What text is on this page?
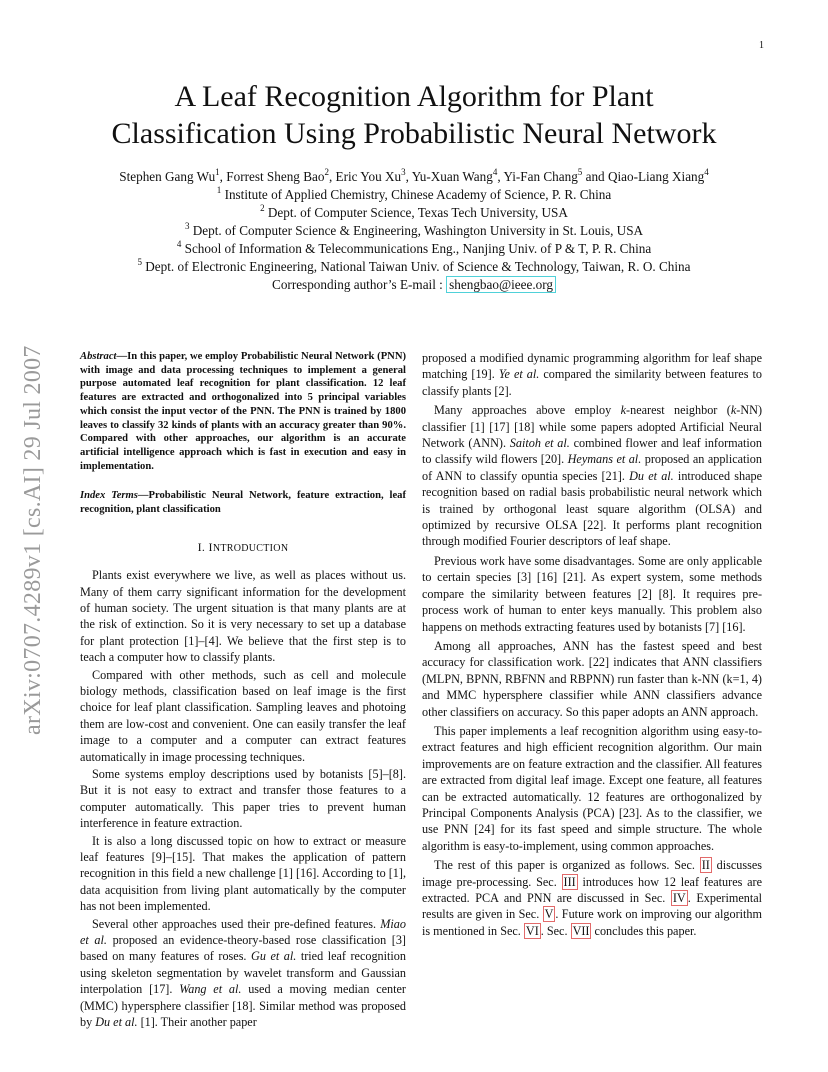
1
arXiv:0707.4289v1 [cs.AI] 29 Jul 2007
A Leaf Recognition Algorithm for Plant
Classification Using Probabilistic Neural Network
Stephen Gang Wu$^1$, Forrest Sheng Bao$^2$, Eric You Xu$^3$, Yu-Xuan Wang$^4$, Yi-Fan Chang$^5$ and Qiao-Liang Xiang$^4$
$^1$ Institute of Applied Chemistry, Chinese Academy of Science, P. R. China
$^2$ Dept. of Computer Science, Texas Tech University, USA
$^3$ Dept. of Computer Science & Engineering, Washington University in St. Louis, USA
$^4$ School of Information & Telecommunications Eng., Nanjing Univ. of P & T, P. R. China
$^5$ Dept. of Electronic Engineering, National Taiwan Univ. of Science & Technology, Taiwan, R. O. China
Corresponding author’s E-mail : shengbao@ieee.org
Abstract—In this paper, we employ Probabilistic Neural Network (PNN) with image and data processing techniques to implement a general purpose automated leaf recognition for plant classification. 12 leaf features are extracted and orthogonalized into 5 principal variables which consist the input vector of the PNN. The PNN is trained by 1800 leaves to classify 32 kinds of plants with an accuracy greater than 90%. Compared with other approaches, our algorithm is an accurate artificial intelligence approach which is fast in execution and easy in implementation.
Index Terms—Probabilistic Neural Network, feature extraction, leaf recognition, plant classification
I. INTRODUCTION

Plants exist everywhere we live, as well as places without us. Many of them carry significant information for the development of human society. The urgent situation is that many plants are at the risk of extinction. So it is very necessary to set up a database for plant protection [1]–[4]. We believe that the first step is to teach a computer how to classify plants.

Compared with other methods, such as cell and molecule biology methods, classification based on leaf image is the first choice for leaf plant classification. Sampling leaves and photoing them are low-cost and convenient. One can easily transfer the leaf image to a computer and a computer can extract features automatically in image processing techniques.

Some systems employ descriptions used by botanists [5]–[8]. But it is not easy to extract and transfer those features to a computer automatically. This paper tries to prevent human interference in feature extraction.

It is also a long discussed topic on how to extract or measure leaf features [9]–[15]. That makes the application of pattern recognition in this field a new challenge [1] [16]. According to [1], data acquisition from living plant automatically by the computer has not been implemented.

Several other approaches used their pre-defined features. Miao et al. proposed an evidence-theory-based rose classification [3] based on many features of roses. Gu et al. tried leaf recognition using skeleton segmentation by wavelet transform and Gaussian interpolation [17]. Wang et al. used a moving median center (MMC) hypersphere classifier [18]. Similar method was proposed by Du et al. [1]. Their another paper

proposed a modified dynamic programming algorithm for leaf shape matching [19]. Ye et al. compared the similarity between features to classify plants [2].

Many approaches above employ k-nearest neighbor (k-NN) classifier [1] [17] [18] while some papers adopted Artificial Neural Network (ANN). Saitoh et al. combined flower and leaf information to classify wild flowers [20]. Heymans et al. proposed an application of ANN to classify opuntia species [21]. Du et al. introduced shape recognition based on radial basis probabilistic neural network which is trained by orthogonal least square algorithm (OLSA) and optimized by recursive OLSA [22]. It performs plant recognition through modified Fourier descriptors of leaf shape.

Previous work have some disadvantages. Some are only applicable to certain species [3] [16] [21]. As expert system, some methods compare the similarity between features [2] [8]. It requires pre-process work of human to enter keys manually. This problem also happens on methods extracting features used by botanists [7] [16].

Among all approaches, ANN has the fastest speed and best accuracy for classification work. [22] indicates that ANN classifiers (MLPN, BPNN, RBFNN and RBPNN) run faster than k-NN (k=1, 4) and MMC hypersphere classifier while ANN classifiers advance other classifiers on accuracy. So this paper adopts an ANN approach.

This paper implements a leaf recognition algorithm using easy-to-extract features and high efficient recognition algorithm. Our main improvements are on feature extraction and the classifier. All features are extracted from digital leaf image. Except one feature, all features can be extracted automatically. 12 features are orthogonalized by Principal Components Analysis (PCA) [23]. As to the classifier, we use PNN [24] for its fast speed and simple structure. The whole algorithm is easy-to-implement, using common approaches.

The rest of this paper is organized as follows. Sec. II discusses image pre-processing. Sec. III introduces how 12 leaf features are extracted. PCA and PNN are discussed in Sec. IV . Experimental results are given in Sec. V . Future work on improving our algorithm is mentioned in Sec. VI . Sec. VII concludes this paper.
